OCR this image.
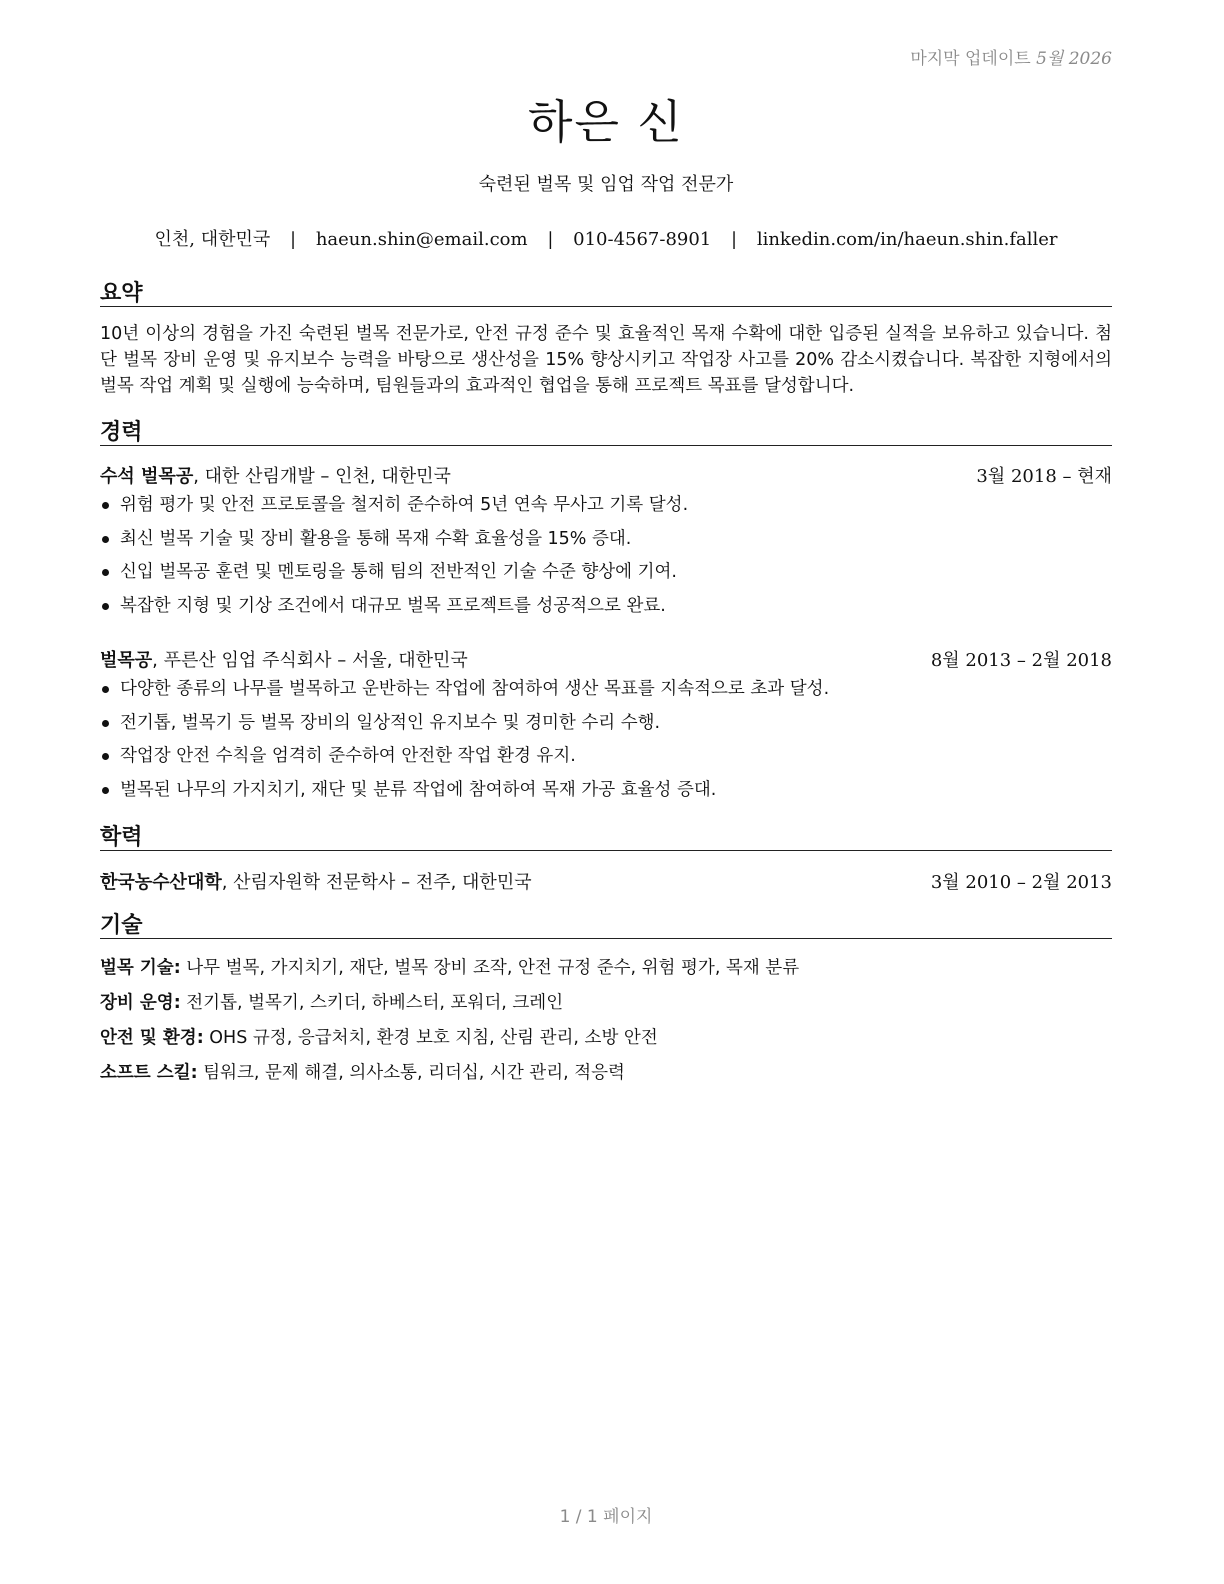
마지막 업데이트 5월 2026
하은 신
숙련된 벌목 및 임업 작업 전문가
인천, 대한민국 | haeun.shin@email.com | 010-4567-8901 | linkedin.com/in/haeun.shin.faller
요약
10년 이상의 경험을 가진 숙련된 벌목 전문가로, 안전 규정 준수 및 효율적인 목재 수확에 대한 입증된 실적을 보유하고 있습니다. 첨단 벌목 장비 운영 및 유지보수 능력을 바탕으로 생산성을 15% 향상시키고 작업장 사고를 20% 감소시켰습니다. 복잡한 지형에서의 벌목 작업 계획 및 실행에 능숙하며, 팀원들과의 효과적인 협업을 통해 프로젝트 목표를 달성합니다.
경력
수석 벌목공, 대한 산림개발 – 인천, 대한민국	3월 2018 – 현재
위험 평가 및 안전 프로토콜을 철저히 준수하여 5년 연속 무사고 기록 달성.
최신 벌목 기술 및 장비 활용을 통해 목재 수확 효율성을 15% 증대.
신입 벌목공 훈련 및 멘토링을 통해 팀의 전반적인 기술 수준 향상에 기여.
복잡한 지형 및 기상 조건에서 대규모 벌목 프로젝트를 성공적으로 완료.
벌목공, 푸른산 임업 주식회사 – 서울, 대한민국	8월 2013 – 2월 2018
다양한 종류의 나무를 벌목하고 운반하는 작업에 참여하여 생산 목표를 지속적으로 초과 달성.
전기톱, 벌목기 등 벌목 장비의 일상적인 유지보수 및 경미한 수리 수행.
작업장 안전 수칙을 엄격히 준수하여 안전한 작업 환경 유지.
벌목된 나무의 가지치기, 재단 및 분류 작업에 참여하여 목재 가공 효율성 증대.
학력
한국농수산대학, 산림자원학 전문학사 – 전주, 대한민국	3월 2010 – 2월 2013
기술
벌목 기술: 나무 벌목, 가지치기, 재단, 벌목 장비 조작, 안전 규정 준수, 위험 평가, 목재 분류
장비 운영: 전기톱, 벌목기, 스키더, 하베스터, 포워더, 크레인
안전 및 환경: OHS 규정, 응급처치, 환경 보호 지침, 산림 관리, 소방 안전
소프트 스킬: 팀워크, 문제 해결, 의사소통, 리더십, 시간 관리, 적응력
1 / 1 페이지
